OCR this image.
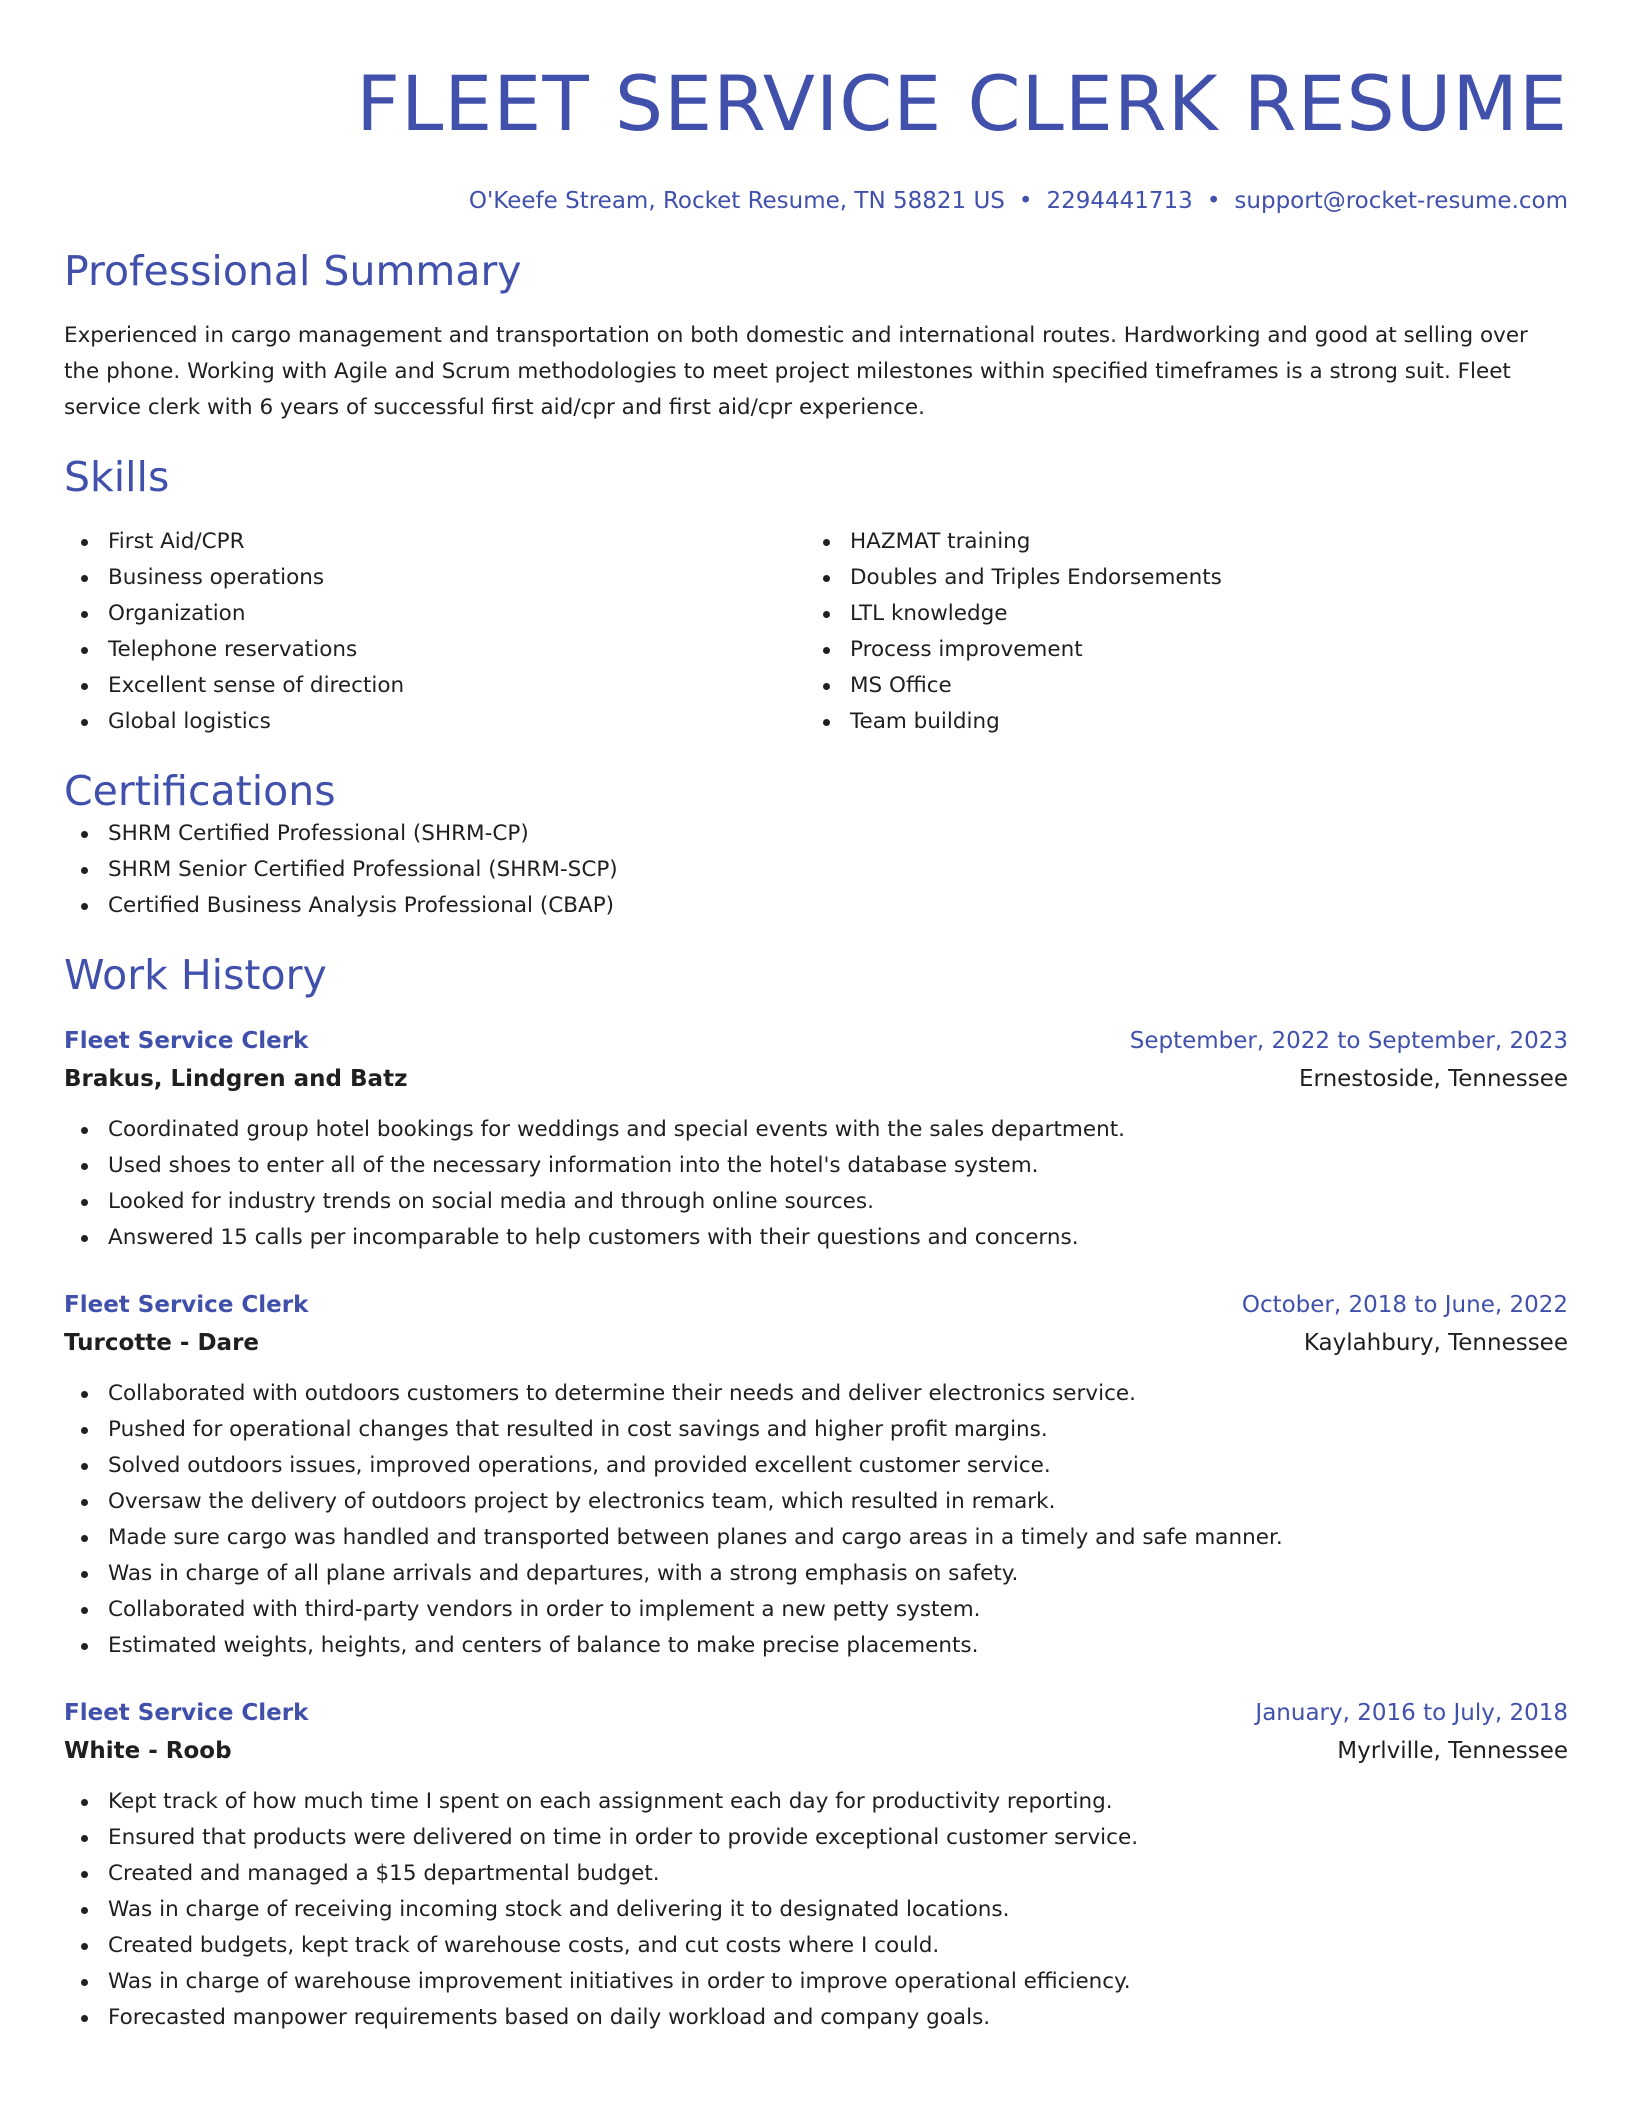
FLEET SERVICE CLERK RESUME
O'Keefe Stream, Rocket Resume, TN 58821 US • 2294441713 • support@rocket-resume.com
Professional Summary

Experienced in cargo management and transportation on both domestic and international routes. Hardworking and good at selling over the phone. Working with Agile and Scrum methodologies to meet project milestones within specified timeframes is a strong suit. Fleet service clerk with 6 years of successful first aid/cpr and first aid/cpr experience.

Skills
First Aid/CPR
Business operations
Organization
Telephone reservations
Excellent sense of direction
Global logistics
HAZMAT training
Doubles and Triples Endorsements
LTL knowledge
Process improvement
MS Office
Team building
Certifications
SHRM Certified Professional (SHRM-CP)
SHRM Senior Certified Professional (SHRM-SCP)
Certified Business Analysis Professional (CBAP)
Work History
Fleet Service Clerk	September, 2022 to September, 2023
Brakus, Lindgren and Batz	Ernestoside, Tennessee
Coordinated group hotel bookings for weddings and special events with the sales department.
Used shoes to enter all of the necessary information into the hotel's database system.
Looked for industry trends on social media and through online sources.
Answered 15 calls per incomparable to help customers with their questions and concerns.
Fleet Service Clerk	October, 2018 to June, 2022
Turcotte - Dare	Kaylahbury, Tennessee
Collaborated with outdoors customers to determine their needs and deliver electronics service.
Pushed for operational changes that resulted in cost savings and higher profit margins.
Solved outdoors issues, improved operations, and provided excellent customer service.
Oversaw the delivery of outdoors project by electronics team, which resulted in remark.
Made sure cargo was handled and transported between planes and cargo areas in a timely and safe manner.
Was in charge of all plane arrivals and departures, with a strong emphasis on safety.
Collaborated with third-party vendors in order to implement a new petty system.
Estimated weights, heights, and centers of balance to make precise placements.
Fleet Service Clerk	January, 2016 to July, 2018
White - Roob	Myrlville, Tennessee
Kept track of how much time I spent on each assignment each day for productivity reporting.
Ensured that products were delivered on time in order to provide exceptional customer service.
Created and managed a $15 departmental budget.
Was in charge of receiving incoming stock and delivering it to designated locations.
Created budgets, kept track of warehouse costs, and cut costs where I could.
Was in charge of warehouse improvement initiatives in order to improve operational efficiency.
Forecasted manpower requirements based on daily workload and company goals.
